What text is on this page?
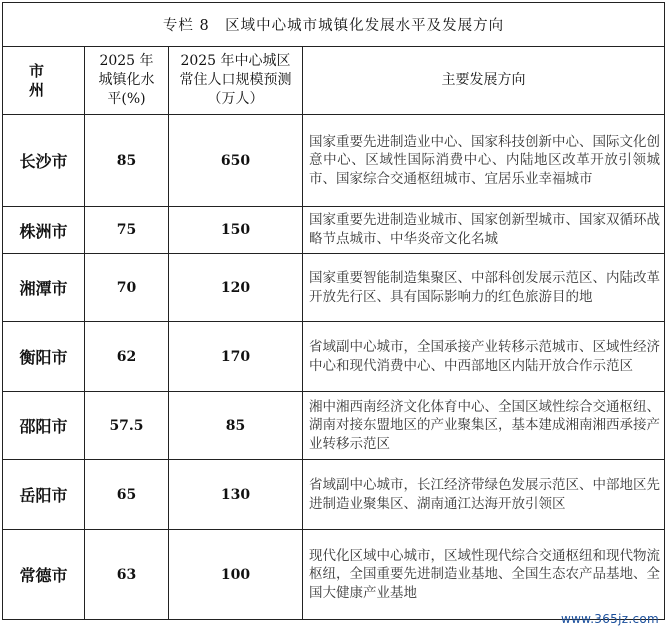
专栏 8　区域中心城市城镇化发展水平及发展方向			
市　州	2025 年城镇化水平(%)	2025 年中心城区常住人口规模预测（万人）	主要发展方向
长沙市	85	650	国家重要先进制造业中心、国家科技创新中心、国际文化创意中心、区域性国际消费中心、内陆地区改革开放引领城市、国家综合交通枢纽城市、宜居乐业幸福城市
株洲市	75	150	国家重要先进制造业城市、国家创新型城市、国家双循环战略节点城市、中华炎帝文化名城
湘潭市	70	120	国家重要智能制造集聚区、中部科创发展示范区、内陆改革开放先行区、具有国际影响力的红色旅游目的地
衡阳市	62	170	省域副中心城市，全国承接产业转移示范城市、区域性经济中心和现代消费中心、中西部地区内陆开放合作示范区
邵阳市	57.5	85	湘中湘西南经济文化体育中心、全国区域性综合交通枢纽、湖南对接东盟地区的产业聚集区，基本建成湘南湘西承接产业转移示范区
岳阳市	65	130	省域副中心城市，长江经济带绿色发展示范区、中部地区先进制造业聚集区、湖南通江达海开放引领区
常德市	63	100	现代化区域中心城市，区域性现代综合交通枢纽和现代物流枢纽，全国重要先进制造业基地、全国生态农产品基地、全国大健康产业基地
www.365jz.com
